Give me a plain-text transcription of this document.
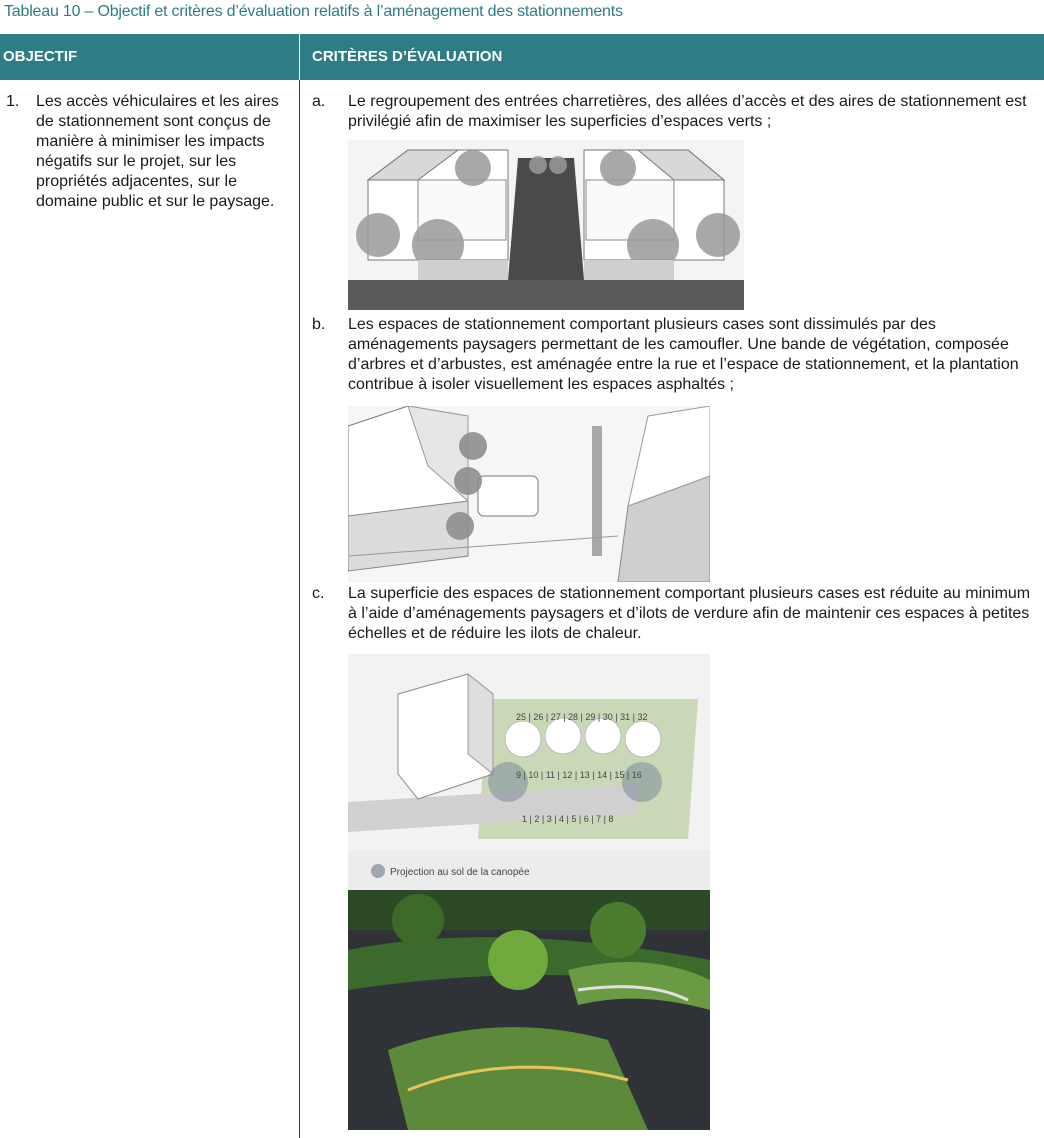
Tableau 10 – Objectif et critères d’évaluation relatifs à l’aménagement des stationnements
OBJECTIF	CRITÈRES D’ÉVALUATION
1. Les accès véhiculaires et les aires de stationnement sont conçus de manière à minimiser les impacts négatifs sur le projet, sur les propriétés adjacentes, sur le domaine public et sur le paysage.
a. Le regroupement des entrées charretières, des allées d’accès et des aires de stationnement est privilégié afin de maximiser les superficies d’espaces verts ;
b. Les espaces de stationnement comportant plusieurs cases sont dissimulés par des aménagements paysagers permettant de les camoufler. Une bande de végétation, composée d’arbres et d’arbustes, est aménagée entre la rue et l’espace de stationnement, et la plantation contribue à isoler visuellement les espaces asphaltés ;
c. La superficie des espaces de stationnement comportant plusieurs cases est réduite au minimum à l’aide d’aménagements paysagers et d’ilots de verdure afin de maintenir ces espaces à petites échelles et de réduire les ilots de chaleur.
25 | 26 | 27 | 28 | 29 | 30 | 31 | 32
9 | 10 | 11 | 12 | 13 | 14 | 15 | 16
1 | 2 | 3 | 4 | 5 | 6 | 7 | 8
Projection au sol de la canopée
